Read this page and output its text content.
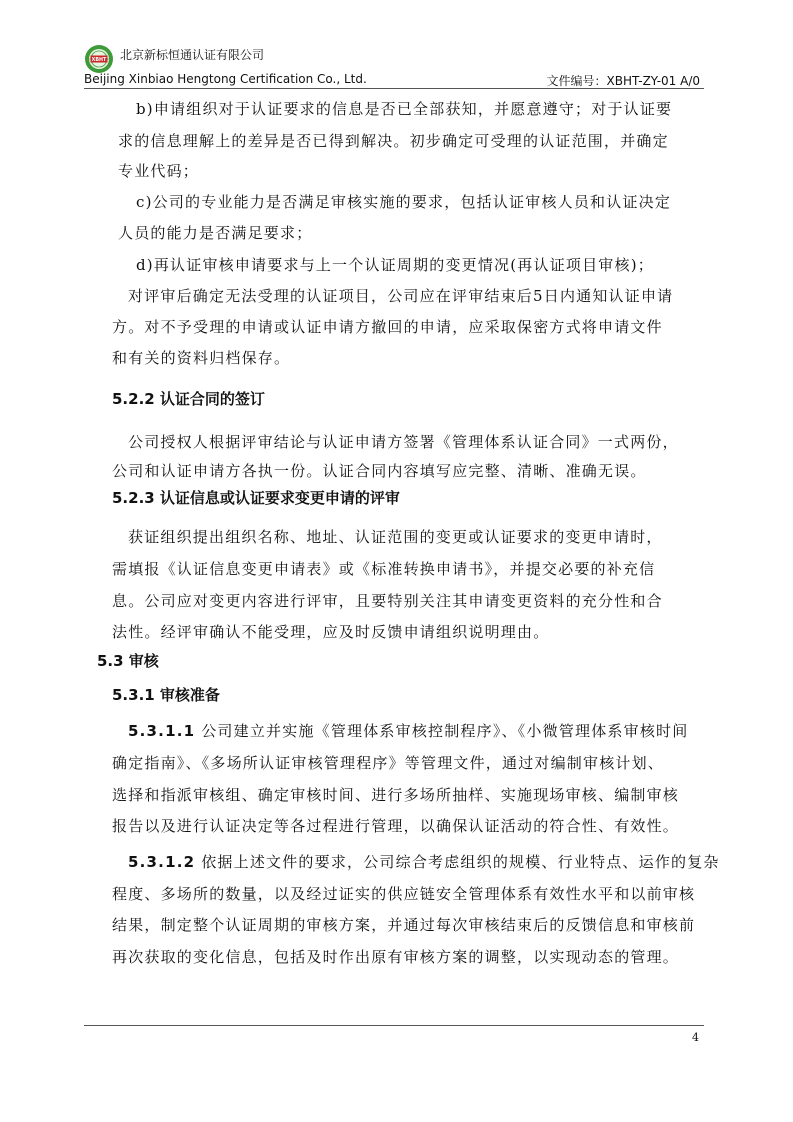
XBHT 北京新标恒通认证有限公司
Beijing Xinbiao Hengtong Certification Co., Ltd.	文件编号：XBHT-ZY-01 A/0
b)申请组织对于认证要求的信息是否已全部获知，并愿意遵守；对于认证要
求的信息理解上的差异是否已得到解决。初步确定可受理的认证范围，并确定
专业代码；
c)公司的专业能力是否满足审核实施的要求，包括认证审核人员和认证决定
人员的能力是否满足要求；
d)再认证审核申请要求与上一个认证周期的变更情况(再认证项目审核)；
对评审后确定无法受理的认证项目，公司应在评审结束后5日内通知认证申请
方。对不予受理的申请或认证申请方撤回的申请，应采取保密方式将申请文件
和有关的资料归档保存。
5.2.2 认证合同的签订
公司授权人根据评审结论与认证申请方签署《管理体系认证合同》一式两份，
公司和认证申请方各执一份。认证合同内容填写应完整、清晰、准确无误。
5.2.3 认证信息或认证要求变更申请的评审
获证组织提出组织名称、地址、认证范围的变更或认证要求的变更申请时，
需填报《认证信息变更申请表》或《标准转换申请书》，并提交必要的补充信
息。公司应对变更内容进行评审，且要特别关注其申请变更资料的充分性和合
法性。经评审确认不能受理，应及时反馈申请组织说明理由。
5.3 审核
5.3.1 审核准备
5.3.1.1 公司建立并实施《管理体系审核控制程序》、《小微管理体系审核时间
确定指南》、《多场所认证审核管理程序》等管理文件，通过对编制审核计划、
选择和指派审核组、确定审核时间、进行多场所抽样、实施现场审核、编制审核
报告以及进行认证决定等各过程进行管理，以确保认证活动的符合性、有效性。
5.3.1.2 依据上述文件的要求，公司综合考虑组织的规模、行业特点、运作的复杂
程度、多场所的数量，以及经过证实的供应链安全管理体系有效性水平和以前审核
结果，制定整个认证周期的审核方案，并通过每次审核结束后的反馈信息和审核前
再次获取的变化信息，包括及时作出原有审核方案的调整，以实现动态的管理。
4
